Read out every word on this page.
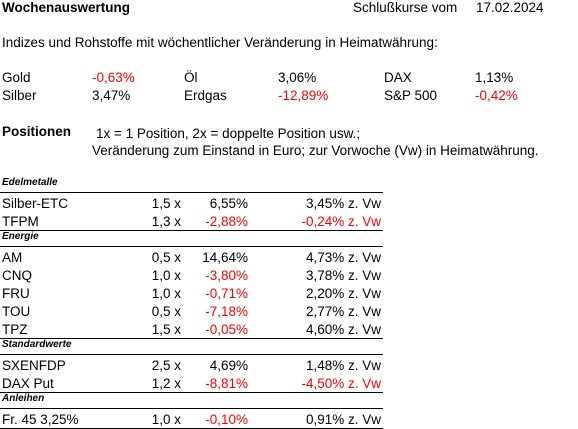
Wochenauswertung	Schlußkurse vom 17.02.2024
Indizes und Rohstoffe mit wöchentlicher Veränderung in Heimatwährung:
Gold	-0,63%	Öl	3,06%	DAX	1,13%
Silber	3,47%	Erdgas	-12,89%	S&P 500	-0,42%
Positionen 1x = 1 Position, 2x = doppelte Position usw.;
Veränderung zum Einstand in Euro; zur Vorwoche (Vw) in Heimatwährung.
Edelmetalle
Silber-ETC	1,5 x 6,55%	3,45% z. Vw
TFPM	1,3 x -2,88%	-0,24% z. Vw
Energie
AM	0,5 x 14,64%	4,73% z. Vw
CNQ	1,0 x -3,80%	3,78% z. Vw
FRU	1,0 x -0,71%	2,20% z. Vw
TOU	0,5 x -7,18%	2,77% z. Vw
TPZ	1,5 x -0,05%	4,60% z. Vw
Standardwerte
SXENFDP	2,5 x 4,69%	1,48% z. Vw
DAX Put	1,2 x -8,81%	-4,50% z. Vw
Anleihen
Fr. 45 3,25%	1,0 x -0,10%	0,91% z. Vw
